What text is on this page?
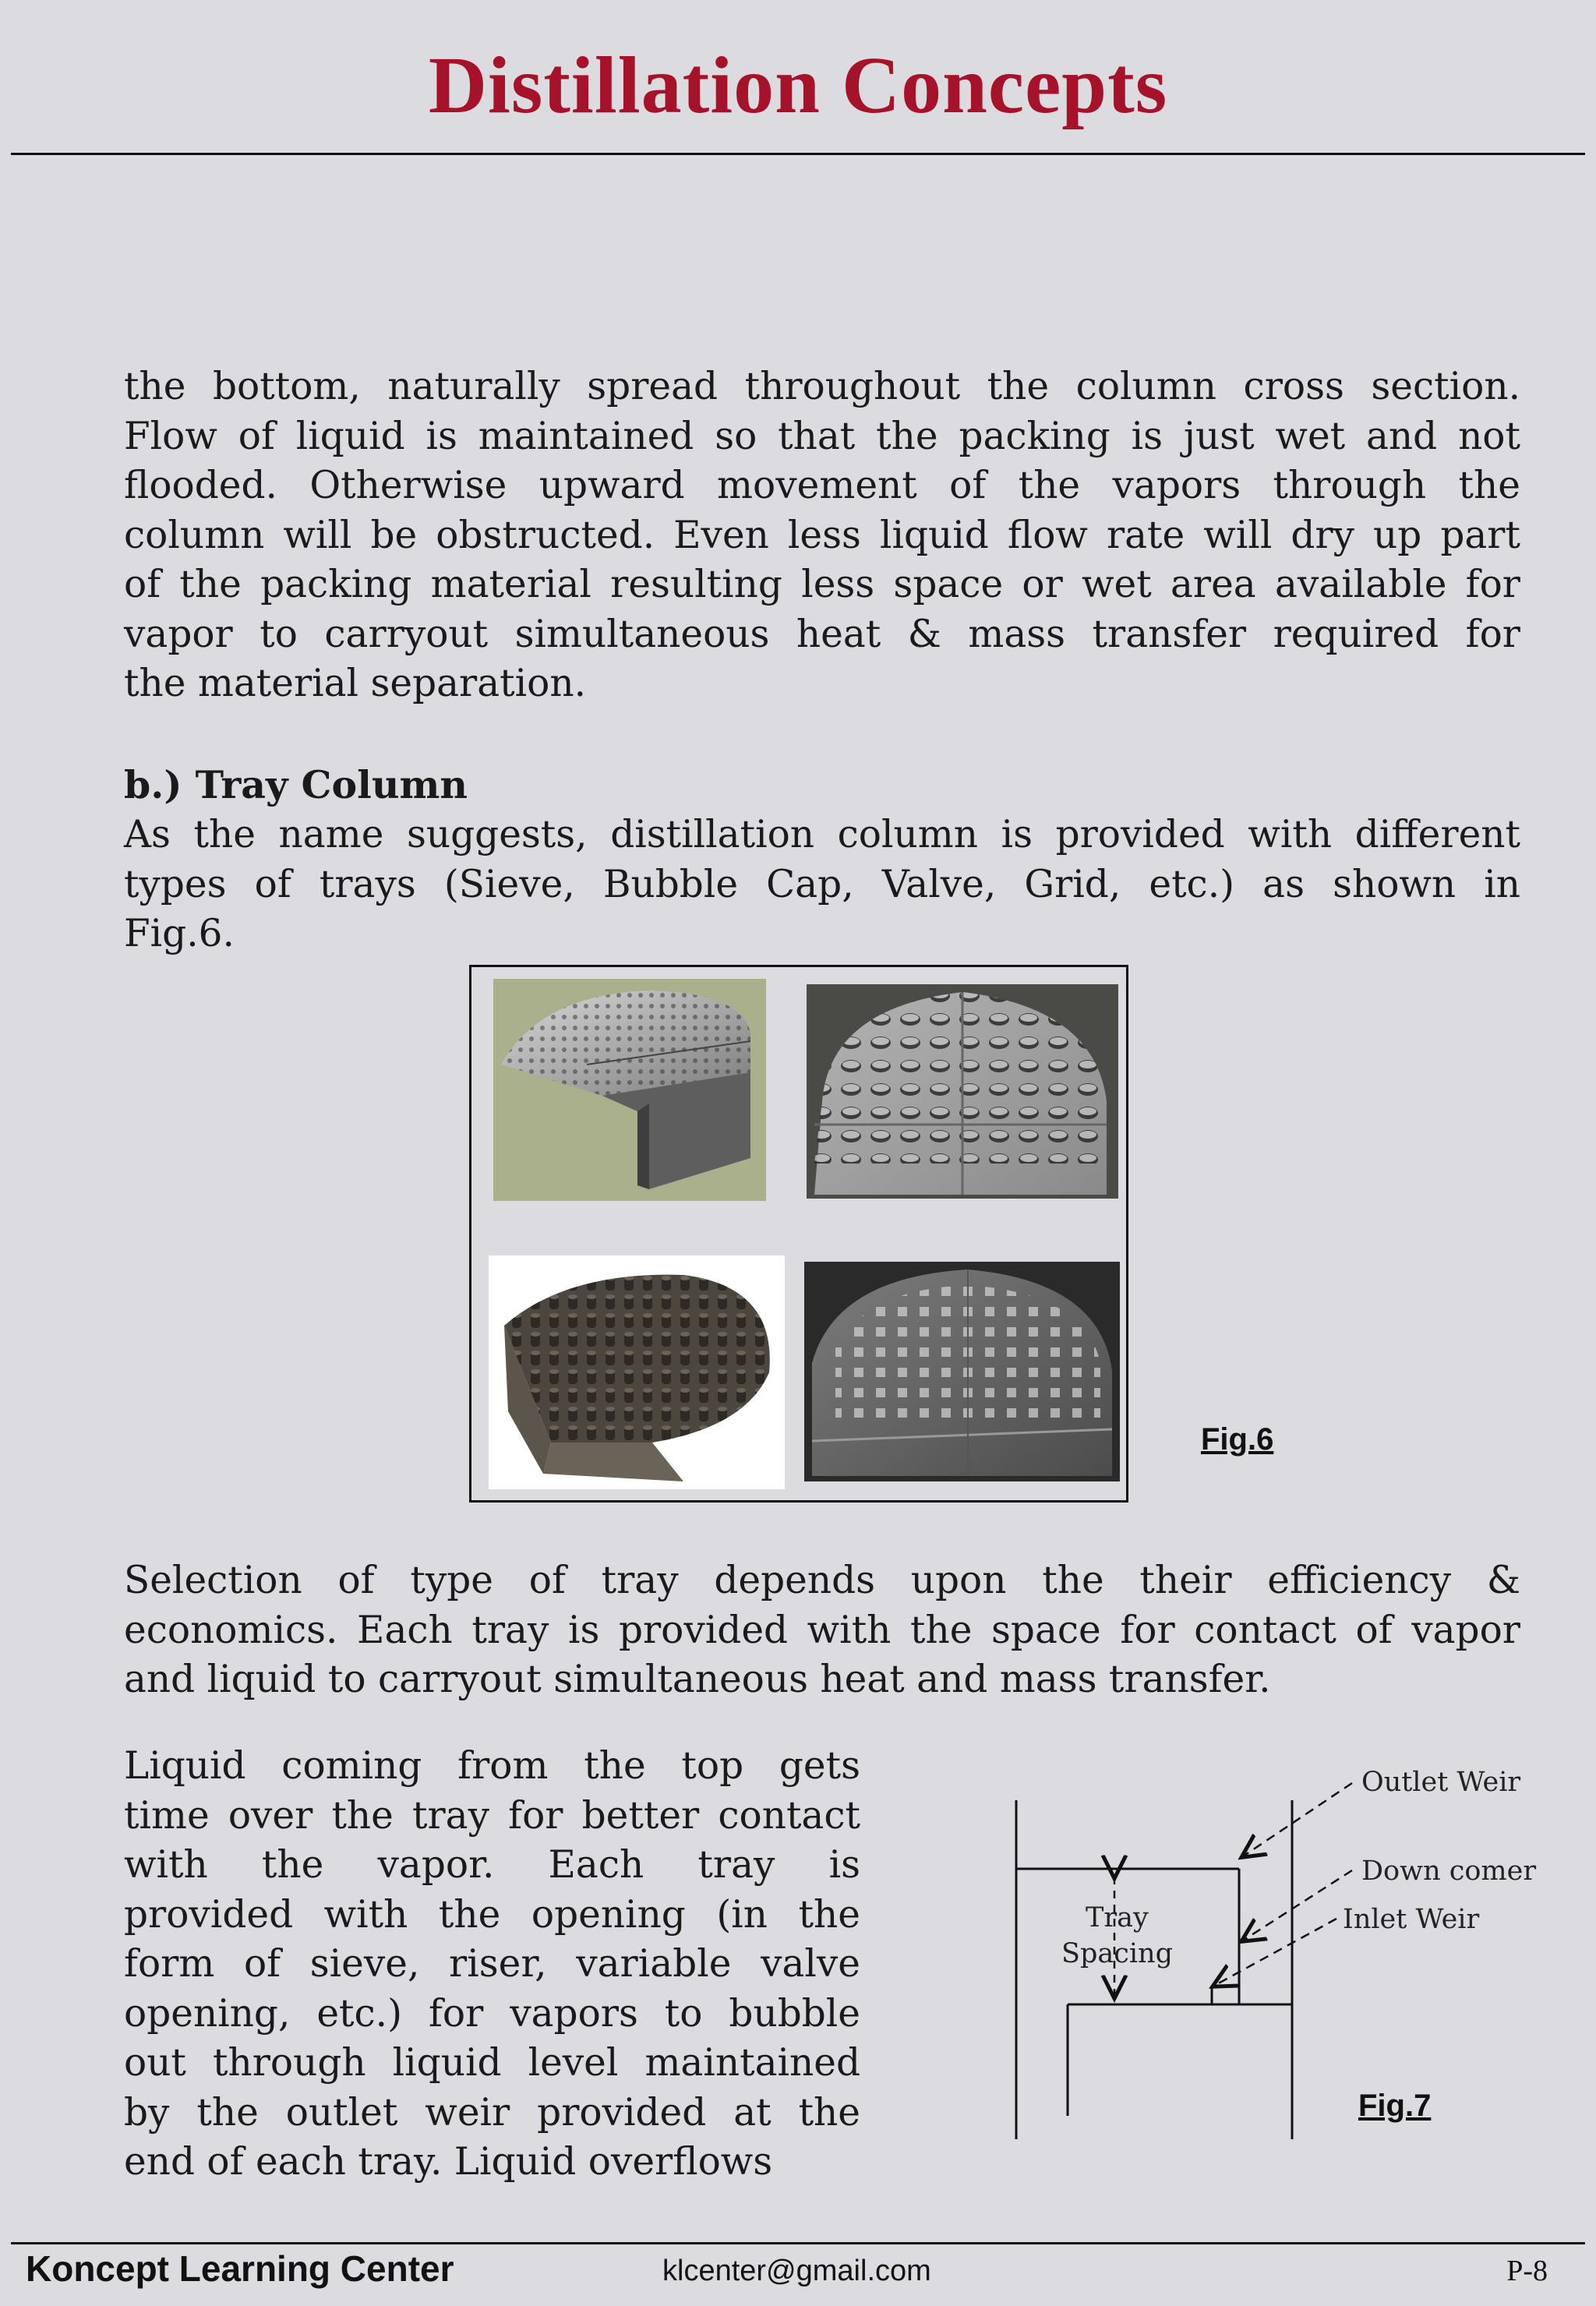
Distillation Concepts
the bottom, naturally spread throughout the column cross section.
Flow of liquid is maintained so that the packing is just wet and not
flooded. Otherwise upward movement of the vapors through the
column will be obstructed. Even less liquid flow rate will dry up part
of the packing material resulting less space or wet area available for
vapor to carryout simultaneous heat & mass transfer required for
the material separation.
b.) Tray Column
As the name suggests, distillation column is provided with different
types of trays (Sieve, Bubble Cap, Valve, Grid, etc.) as shown in
Fig.6.
Fig.6
Selection of type of tray depends upon the their efficiency &
economics. Each tray is provided with the space for contact of vapor
and liquid to carryout simultaneous heat and mass transfer.
Liquid coming from the top gets
time over the tray for better contact
with the vapor. Each tray is
provided with the opening (in the
form of sieve, riser, variable valve
opening, etc.) for vapors to bubble
out through liquid level maintained
by the outlet weir provided at the
end of each tray. Liquid overflows
Outlet Weir
Down comer
Inlet Weir
Tray
Spacing
Fig.7
Koncept Learning Center	klcenter@gmail.com	P-8
